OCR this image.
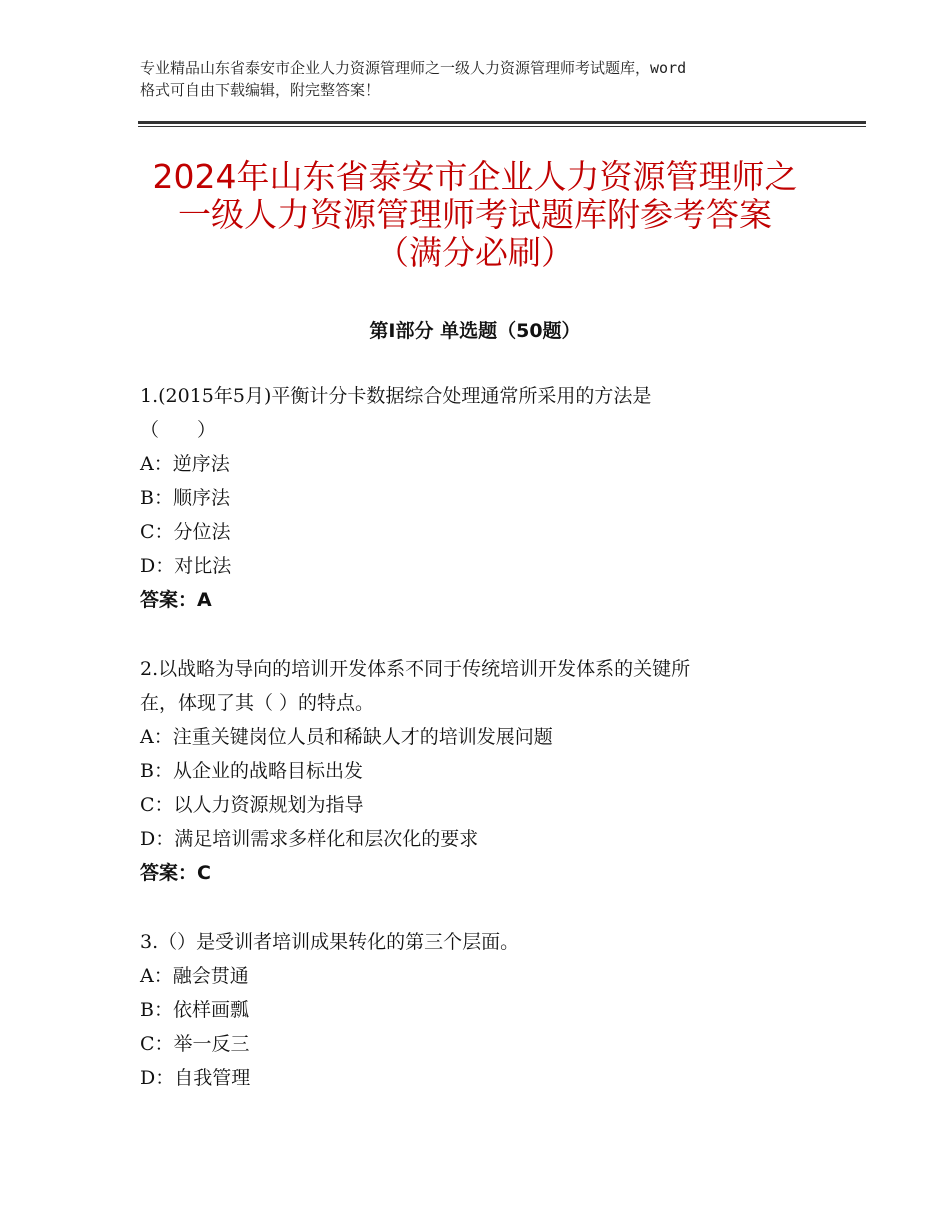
专业精品山东省泰安市企业人力资源管理师之一级人力资源管理师考试题库，word
格式可自由下载编辑，附完整答案！
2024年山东省泰安市企业人力资源管理师之
一级人力资源管理师考试题库附参考答案
（满分必刷）
第Ⅰ部分 单选题（50题）
1.(2015年5月)平衡计分卡数据综合处理通常所采用的方法是
（　　）
A：逆序法
B：顺序法
C：分位法
D：对比法
答案：A
2.以战略为导向的培训开发体系不同于传统培训开发体系的关键所
在，体现了其（ ）的特点。
A：注重关键岗位人员和稀缺人才的培训发展问题
B：从企业的战略目标出发
C：以人力资源规划为指导
D：满足培训需求多样化和层次化的要求
答案：C
3.（）是受训者培训成果转化的第三个层面。
A：融会贯通
B：依样画瓢
C：举一反三
D：自我管理
